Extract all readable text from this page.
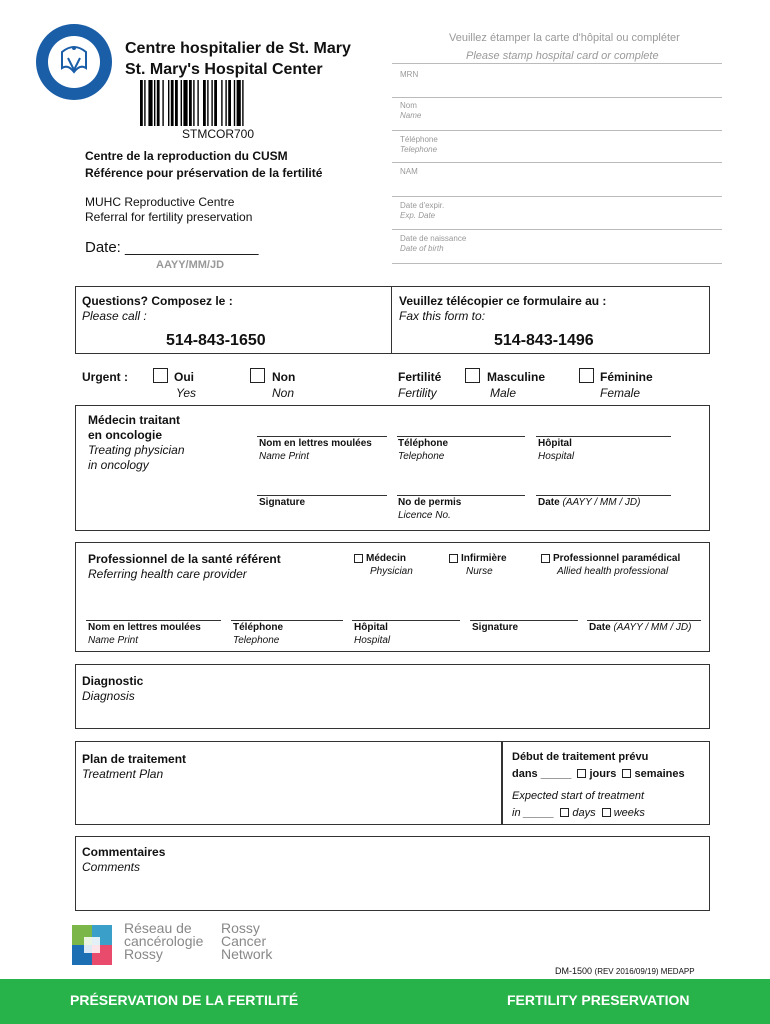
Centre hospitalier de St. Mary
St. Mary's Hospital Center
STMCOR700
Veuillez étamper la carte d'hôpital ou compléter
Please stamp hospital card or complete
MRN
Nom
Name
Téléphone
Telephone
NAM
Date d'expir.
Exp. Date
Date de naissance
Date of birth
Centre de la reproduction du CUSM
Référence pour préservation de la fertilité
MUHC Reproductive Centre
Referral for fertility preservation
Date: ________________
AAYY/MM/JD
Questions? Composez le :
Please call :
514-843-1650
Veuillez télécopier ce formulaire au :
Fax this form to:
514-843-1496
Urgent :	Oui
Yes
Non
Non
Fertilité
Fertility
Masculine
Male
Féminine
Female
Médecin traitant
en oncologie
Treating physician
in oncology
Nom en lettres moulées
Name Print
Téléphone
Telephone
Hôpital
Hospital
Signature	No de permis
Licence No.
Date (AAYY / MM / JD)
Professionnel de la santé référent
Referring health care provider
Médecin
Physician
Infirmière
Nurse
Professionnel paramédical
Allied health professional
Nom en lettres moulées
Name Print
Téléphone
Telephone
Hôpital
Hospital
Signature	Date (AAYY / MM / JD)
Diagnostic
Diagnosis
Plan de traitement
Treatment Plan
Début de traitement prévu
dans _____ jours semaines
Expected start of treatment
in _____ days weeks
Commentaires
Comments
Réseau de
cancérologie
Rossy
Rossy
Cancer
Network
DM-1500 (REV 2016/09/19) MEDAPP
PRÉSERVATION DE LA FERTILITÉ	FERTILITY PRESERVATION
